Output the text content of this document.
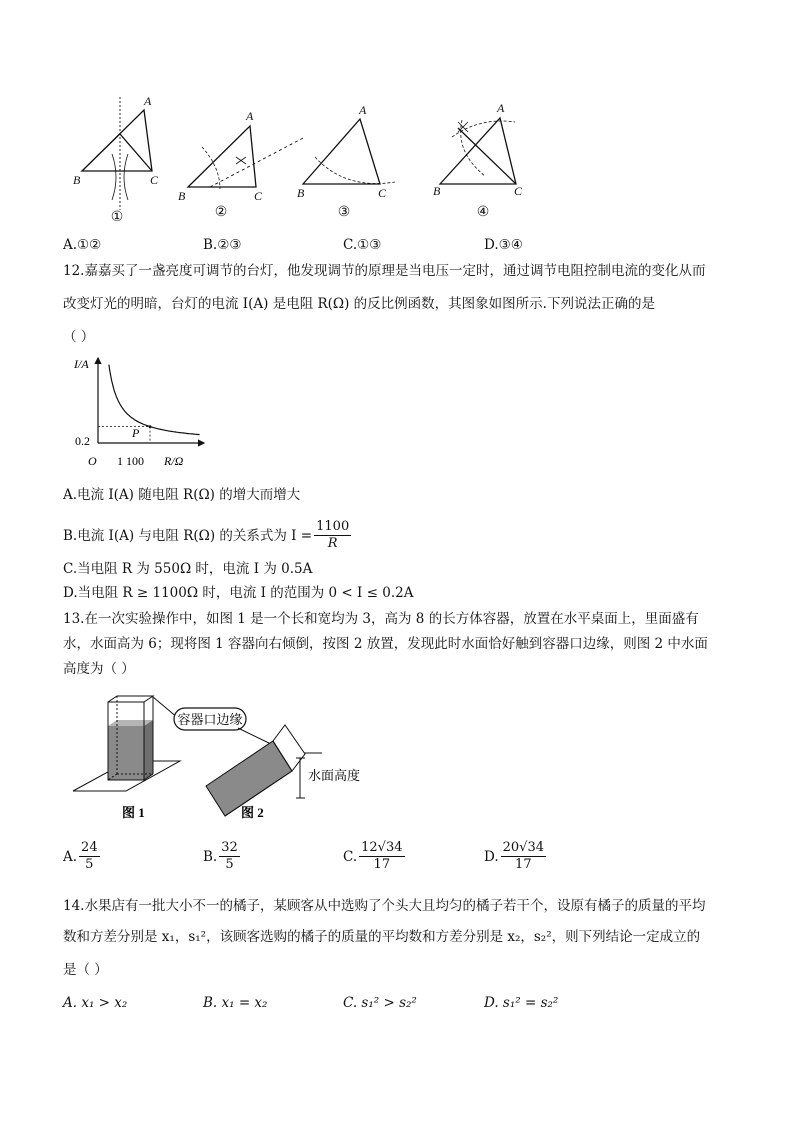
A
B	C
A
B	C
A
B	C
A
B	C
①	②	③	④
A.①②	B.②③	C.①③	D.③④
12.嘉嘉买了一盏亮度可调节的台灯，他发现调节的原理是当电压一定时，通过调节电阻控制电流的变化从而
改变灯光的明暗，台灯的电流 I(A) 是电阻 R(Ω) 的反比例函数，其图象如图所示.下列说法正确的是
（ ）
I/A
R/Ω
O
0.2
1 100
P
A.电流 I(A) 随电阻 R(Ω) 的增大而增大
B.电流 I(A) 与电阻 R(Ω) 的关系式为 $I = \frac{1100}{R}$
C.当电阻 R 为 550Ω 时，电流 I 为 0.5A
D.当电阻 R ≥ 1100Ω 时，电流 I 的范围为 0 < I ≤ 0.2A
13.在一次实验操作中，如图 1 是一个长和宽均为 3，高为 8 的长方体容器，放置在水平桌面上，里面盛有
水，水面高为 6；现将图 1 容器向右倾倒，按图 2 放置，发现此时水面恰好触到容器口边缘，则图 2 中水面
高度为（ ）
容器口边缘
水面高度
图 1	图 2
A. $\frac{24}{5}$	B. $\frac{32}{5}$	C. $\frac{12√34}{17}$	D. $\frac{20√34}{17}$
14.水果店有一批大小不一的橘子，某顾客从中选购了个头大且均匀的橘子若干个，设原有橘子的质量的平均
数和方差分别是 x₁，s₁²，该顾客选购的橘子的质量的平均数和方差分别是 x₂，s₂²，则下列结论一定成立的
是（ ）
A. x₁ > x₂	B. x₁ = x₂	C. s₁² > s₂²	D. s₁² = s₂²
